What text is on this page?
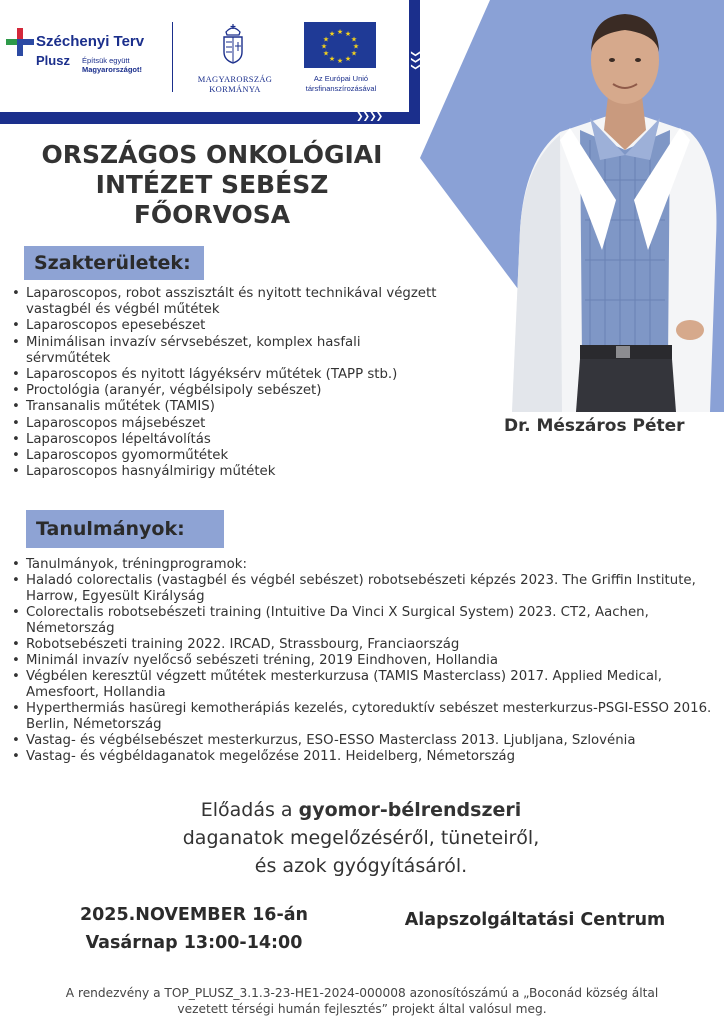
Széchenyi Terv
Plusz Építsük együtt
Magyarországot!
MAGYARORSZÁG
KORMÁNYA
★ ★
★
★
★
★
★
★
★
★
★
★
Az Európai Unió
társfinanszírozásával
❯❯❯❯
❯❯❯
Dr. Mészáros Péter
ORSZÁGOS ONKOLÓGIAI
INTÉZET SEBÉSZ
FŐORVOSA
Szakterületek:
• Laparoscopos, robot asszisztált és nyitott technikával végzett vastagbél és végbél műtétek
• Laparoscopos epesebészet
• Minimálisan invazív sérvsebészet, komplex hasfali sérvműtétek
• Laparoscopos és nyitott lágyéksérv műtétek (TAPP stb.)
• Proctológia (aranyér, végbélsipoly sebészet)
• Transanalis műtétek (TAMIS)
• Laparoscopos májsebészet
• Laparoscopos lépeltávolítás
• Laparoscopos gyomorműtétek
• Laparoscopos hasnyálmirigy műtétek
Tanulmányok:
• Tanulmányok, tréningprogramok:
• Haladó colorectalis (vastagbél és végbél sebészet) robotsebészeti képzés 2023. The Griffin Institute, Harrow, Egyesült Királyság
• Colorectalis robotsebészeti training (Intuitive Da Vinci X Surgical System) 2023. CT2, Aachen, Németország
• Robotsebészeti training 2022. IRCAD, Strassbourg, Franciaország
• Minimál invazív nyelőcső sebészeti tréning, 2019 Eindhoven, Hollandia
• Végbélen keresztül végzett műtétek mesterkurzusa (TAMIS Masterclass) 2017. Applied Medical, Amesfoort, Hollandia
• Hyperthermiás hasüregi kemotherápiás kezelés, cytoreduktív sebészet mesterkurzus-PSGI-ESSO 2016. Berlin, Németország
• Vastag- és végbélsebészet mesterkurzus, ESO-ESSO Masterclass 2013. Ljubljana, Szlovénia
• Vastag- és végbéldaganatok megelőzése 2011. Heidelberg, Németország
Előadás a gyomor-bélrendszeri
daganatok megelőzéséről, tüneteiről,
és azok gyógyításáról.
2025.NOVEMBER 16-án
Vasárnap 13:00-14:00
Alapszolgáltatási Centrum
A rendezvény a TOP_PLUSZ_3.1.3-23-HE1-2024-000008 azonosítószámú a „Boconád község által
vezetett térségi humán fejlesztés” projekt által valósul meg.
